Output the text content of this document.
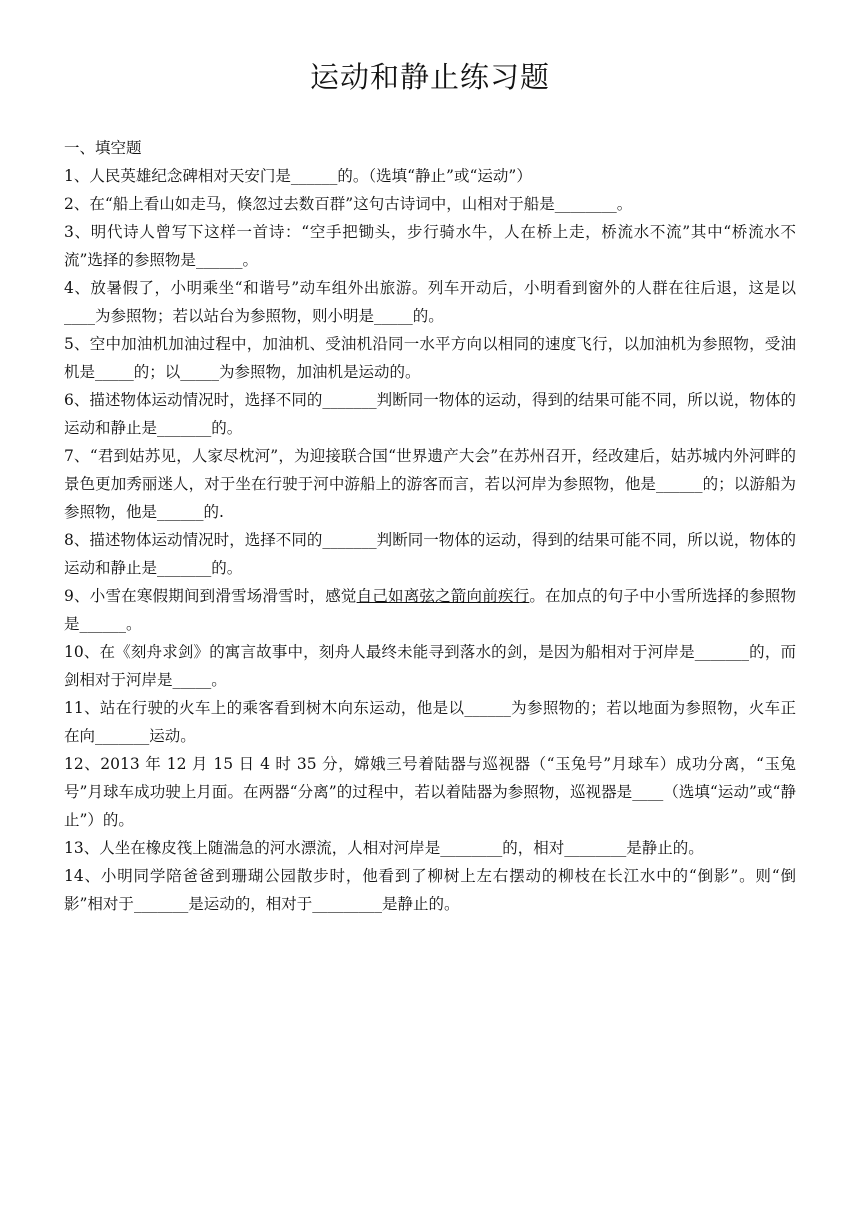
运动和静止练习题

一、填空题

1、人民英雄纪念碑相对天安门是______的。（选填“静止”或“运动”）

2、在“船上看山如走马，倏忽过去数百群”这句古诗词中，山相对于船是________。

3、明代诗人曾写下这样一首诗：“空手把锄头，步行骑水牛，人在桥上走，桥流水不流”其中“桥流水不流”选择的参照物是______。

4、放暑假了，小明乘坐“和谐号”动车组外出旅游。列车开动后，小明看到窗外的人群在往后退，这是以____为参照物；若以站台为参照物，则小明是_____的。

5、空中加油机加油过程中，加油机、受油机沿同一水平方向以相同的速度飞行，以加油机为参照物，受油机是_____的；以_____为参照物，加油机是运动的。

6、描述物体运动情况时，选择不同的_______判断同一物体的运动，得到的结果可能不同，所以说，物体的运动和静止是_______的。

7、“君到姑苏见，人家尽枕河”，为迎接联合国“世界遗产大会”在苏州召开，经改建后，姑苏城内外河畔的景色更加秀丽迷人，对于坐在行驶于河中游船上的游客而言，若以河岸为参照物，他是______的；以游船为参照物，他是______的.

8、描述物体运动情况时，选择不同的_______判断同一物体的运动，得到的结果可能不同，所以说，物体的运动和静止是_______的。

9、小雪在寒假期间到滑雪场滑雪时，感觉自己如离弦之箭向前疾行。在加点的句子中小雪所选择的参照物是______。

10、在《刻舟求剑》的寓言故事中，刻舟人最终未能寻到落水的剑，是因为船相对于河岸是_______的，而剑相对于河岸是_____。

11、站在行驶的火车上的乘客看到树木向东运动，他是以______为参照物的；若以地面为参照物，火车正在向_______运动。

12、2013 年 12 月 15 日 4 时 35 分，嫦娥三号着陆器与巡视器（“玉兔号”月球车）成功分离，“玉兔号”月球车成功驶上月面。在两器“分离”的过程中，若以着陆器为参照物，巡视器是____（选填“运动”或“静止”）的。

13、人坐在橡皮筏上随湍急的河水漂流，人相对河岸是________的，相对________是静止的。

14、小明同学陪爸爸到珊瑚公园散步时，他看到了柳树上左右摆动的柳枝在长江水中的“倒影”。则“倒影”相对于_______是运动的，相对于_________是静止的。
